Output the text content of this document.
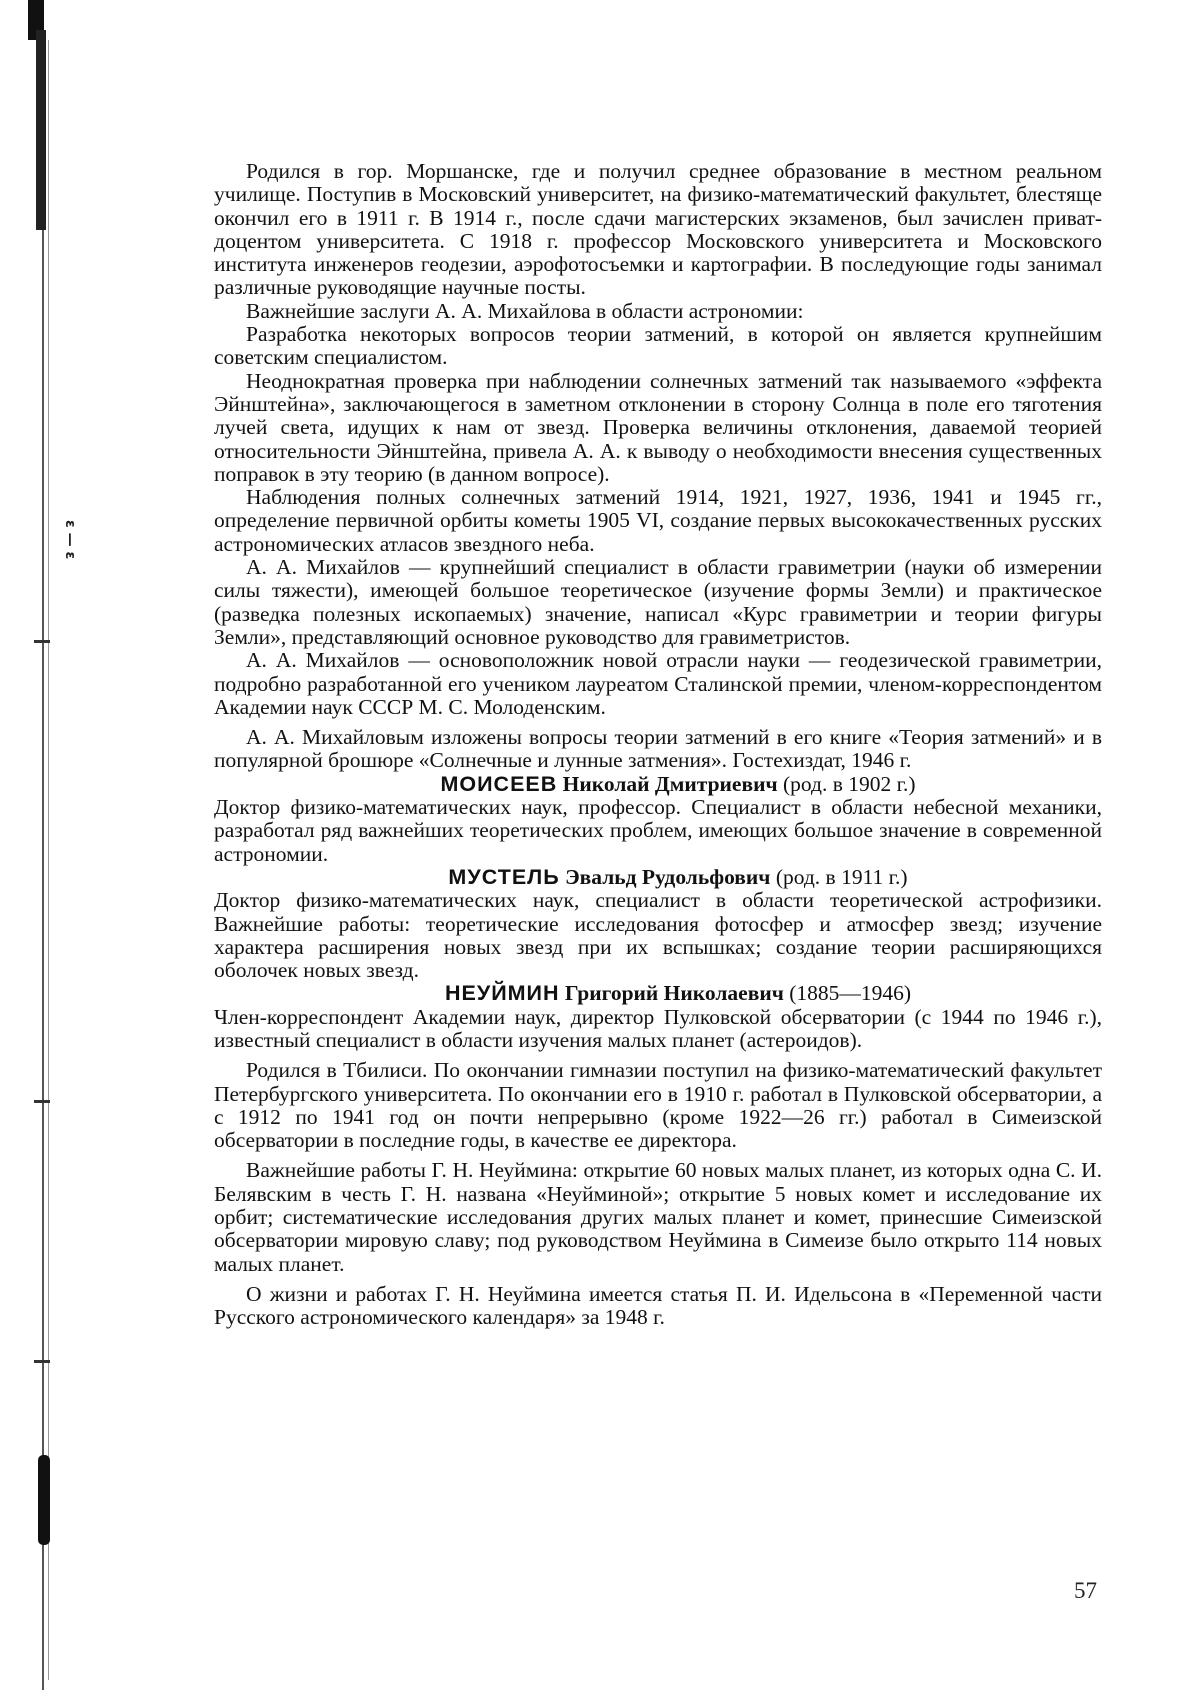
ε — ε

Родился в гор. Моршанске, где и получил среднее образование в местном реальном училище. Поступив в Московский университет, на физико-математический факультет, блестяще окончил его в 1911 г. В 1914 г., после сдачи магистерских экзаменов, был зачислен приват-доцентом университета. С 1918 г. профессор Московского университета и Московского института инженеров геодезии, аэрофотосъемки и картографии. В последующие годы занимал различные руководящие научные посты.

Важнейшие заслуги А. А. Михайлова в области астрономии:

Разработка некоторых вопросов теории затмений, в которой он является крупнейшим советским специалистом.

Неоднократная проверка при наблюдении солнечных затмений так называемого «эффекта Эйнштейна», заключающегося в заметном отклонении в сторону Солнца в поле его тяготения лучей света, идущих к нам от звезд. Проверка величины отклонения, даваемой теорией относительности Эйнштейна, привела А. А. к выводу о необходимости внесения существенных поправок в эту теорию (в данном вопросе).

Наблюдения полных солнечных затмений 1914, 1921, 1927, 1936, 1941 и 1945 гг., определение первичной орбиты кометы 1905 VI, создание первых высококачественных русских астрономических атласов звездного неба.

А. А. Михайлов — крупнейший специалист в области гравиметрии (науки об измерении силы тяжести), имеющей большое теоретическое (изучение формы Земли) и практическое (разведка полезных ископаемых) значение, написал «Курс гравиметрии и теории фигуры Земли», представляющий основное руководство для гравиметристов.

А. А. Михайлов — основоположник новой отрасли науки — геодезической гравиметрии, подробно разработанной его учеником лауреатом Сталинской премии, членом-корреспондентом Академии наук СССР М. С. Молоденским.

А. А. Михайловым изложены вопросы теории затмений в его книге «Теория затмений» и в популярной брошюре «Солнечные и лунные затмения». Гостехиздат, 1946 г.

МОИСЕЕВ Николай Дмитриевич (род. в 1902 г.)

Доктор физико-математических наук, профессор. Специалист в области небесной механики, разработал ряд важнейших теоретических проблем, имеющих большое значение в современной астрономии.

МУСТЕЛЬ Эвальд Рудольфович (род. в 1911 г.)

Доктор физико-математических наук, специалист в области теоретической астрофизики. Важнейшие работы: теоретические исследования фотосфер и атмосфер звезд; изучение характера расширения новых звезд при их вспышках; создание теории расширяющихся оболочек новых звезд.

НЕУЙМИН Григорий Николаевич (1885—1946)

Член-корреспондент Академии наук, директор Пулковской обсерватории (с 1944 по 1946 г.), известный специалист в области изучения малых планет (астероидов).

Родился в Тбилиси. По окончании гимназии поступил на физико-математический факультет Петербургского университета. По окончании его в 1910 г. работал в Пулковской обсерватории, а с 1912 по 1941 год он почти непрерывно (кроме 1922—26 гг.) работал в Симеизской обсерватории в последние годы, в качестве ее директора.

Важнейшие работы Г. Н. Неуймина: открытие 60 новых малых планет, из которых одна С. И. Белявским в честь Г. Н. названа «Неуйминой»; открытие 5 новых комет и исследование их орбит; систематические исследования других малых планет и комет, принесшие Симеизской обсерватории мировую славу; под руководством Неуймина в Симеизе было открыто 114 новых малых планет.

О жизни и работах Г. Н. Неуймина имеется статья П. И. Идельсона в «Переменной части Русского астрономического календаря» за 1948 г.

57
